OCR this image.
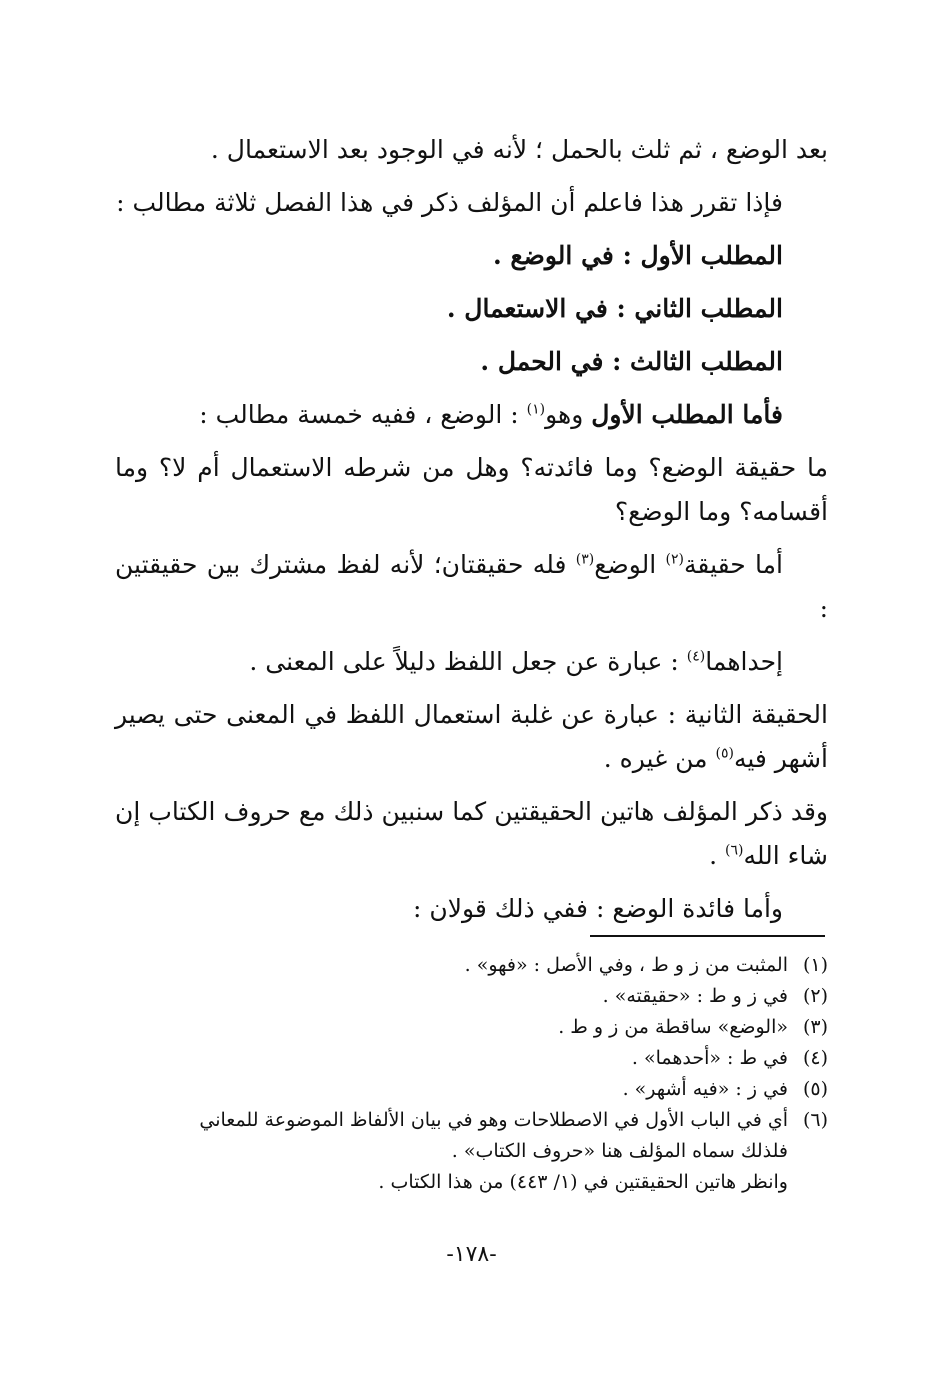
بعد الوضع ، ثم ثلث بالحمل ؛ لأنه في الوجود بعد الاستعمال .

فإذا تقرر هذا فاعلم أن المؤلف ذكر في هذا الفصل ثلاثة مطالب :

المطلب الأول : في الوضع .

المطلب الثاني : في الاستعمال .

المطلب الثالث : في الحمل .

فأما المطلب الأول وهو$^{(١)}$ : الوضع ، ففيه خمسة مطالب :

ما حقيقة الوضع؟ وما فائدته؟ وهل من شرطه الاستعمال أم لا؟ وما أقسامه؟ وما الوضع؟

أما حقيقة$^{(٢)}$ الوضع$^{(٣)}$ فله حقيقتان؛ لأنه لفظ مشترك بين حقيقتين :

إحداهما$^{(٤)}$ : عبارة عن جعل اللفظ دليلاً على المعنى .

الحقيقة الثانية : عبارة عن غلبة استعمال اللفظ في المعنى حتى يصير أشهر فيه$^{(٥)}$ من غيره .

وقد ذكر المؤلف هاتين الحقيقتين كما سنبين ذلك مع حروف الكتاب إن شاء الله$^{(٦)}$ .

وأما فائدة الوضع : ففي ذلك قولان :

(١)
المثبت من ز و ط ، وفي الأصل : «فهو» .
(٢)
في ز و ط : «حقيقته» .
(٣)
«الوضع» ساقطة من ز و ط .
(٤)
في ط : «أحدهما» .
(٥)
في ز : «فيه أشهر» .
(٦)
أي في الباب الأول في الاصطلاحات وهو في بيان الألفاظ الموضوعة للمعاني
فلذلك سماه المؤلف هنا «حروف الكتاب» .
وانظر هاتين الحقيقتين في (١/ ٤٤٣) من هذا الكتاب .
-١٧٨-
